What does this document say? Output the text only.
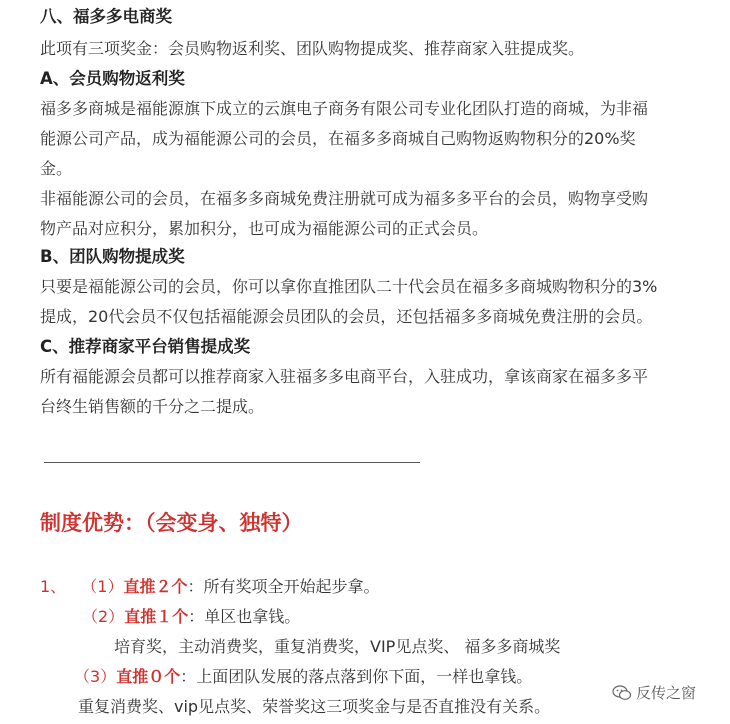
八、福多多电商奖
此项有三项奖金：会员购物返利奖、团队购物提成奖、推荐商家入驻提成奖。
A、会员购物返利奖
福多多商城是福能源旗下成立的云旗电子商务有限公司专业化团队打造的商城，为非福
能源公司产品，成为福能源公司的会员，在福多多商城自己购物返购物积分的20%奖
金。
非福能源公司的会员，在福多多商城免费注册就可成为福多多平台的会员，购物享受购
物产品对应积分，累加积分，也可成为福能源公司的正式会员。
B、团队购物提成奖
只要是福能源公司的会员，你可以拿你直推团队二十代会员在福多多商城购物积分的3%
提成，20代会员不仅包括福能源会员团队的会员，还包括福多多商城免费注册的会员。
C、推荐商家平台销售提成奖
所有福能源会员都可以推荐商家入驻福多多电商平台，入驻成功，拿该商家在福多多平
台终生销售额的千分之二提成。
制度优势：（会变身、独特）
1、 （1）直推２个：所有奖项全开始起步拿。
（2）直推１个：单区也拿钱。
培育奖，主动消费奖，重复消费奖，VIP见点奖、 福多多商城奖
（3）直推０个：上面团队发展的落点落到你下面，一样也拿钱。
重复消费奖、vip见点奖、荣誉奖这三项奖金与是否直推没有关系。
反传之窗
